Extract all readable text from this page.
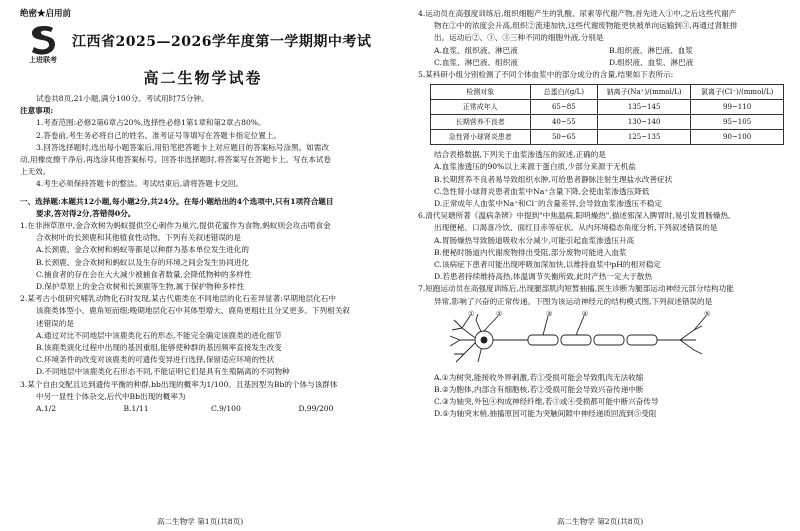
绝密★启用前
上进联考
江西省2025—2026学年度第一学期期中考试
高二生物学试卷
试卷共8页,21小题,满分100分。考试用时75分钟。
注意事项:
1.考查范围:必修2第6章占20%,选择性必修1第1章和第2章占80%。
2.答卷前,考生务必将自己的姓名、准考证号等填写在答题卡指定位置上。
3.回答选择题时,选出每小题答案后,用铅笔把答题卡上对应题目的答案标号涂黑。如需改
动,用橡皮擦干净后,再选涂其他答案标号。回答非选择题时,将答案写在答题卡上。写在本试卷
上无效。
4.考生必须保持答题卡的整洁。考试结束后,请将答题卡交回。
一、选择题:本题共12小题,每小题2分,共24分。在每小题给出的4个选项中,只有1项符合题目
要求,答对得2分,答错得0分。
1.在非洲草原中,金合欢树为蚂蚁提供空心刺作为巢穴,提供花蜜作为食物,蚂蚁则会攻击啃食金
合欢树叶的长颈鹿和其他植食性动物。下列有关叙述错误的是
A.长颈鹿、金合欢树和蚂蚁等都是以种群为基本单位发生进化的
B.长颈鹿、金合欢树和蚂蚁以及生存的环境之间会发生协同进化
C.捕食者的存在会在大大减少被捕食者数量,会降低物种的多样性
D.保护草原上的金合欢树和长颈鹿等生物,属于保护物种多样性
2.某考古小组研究哺乳动物化石时发现,某古代鹿类在不同地层的化石差异显著:早期地层化石中
该鹿类体型小、鹿角短而细;晚期地层化石中其体型增大、鹿角更粗壮且分叉更多。下列相关叙
述错误的是
A.通过对比不同地层中该鹿类化石的形态,不能完全确定该鹿类的进化细节
B.该鹿类演化过程中出现的基因重组,能够使种群的基因频率直接发生改变
C.环境条件的改变对该鹿类的可遗传变异进行选择,保留适应环境的性状
D.不同地层中该鹿类化石形态不同,不能证明它们是具有生殖隔离的不同物种
3.某个自由交配且达到遗传平衡的种群,bb出现的概率为1/100。且基因型为Bb的个体与该群体
中另一显性个体杂交,后代中Bb出现的概率为
A.1/2	B.1/11	C.9/100	D.99/200
高二生物学 第1页(共8页)
4.运动员在高强度训练后,组织细胞产生的乳酸、尿素等代谢产物,首先进入①中,之后这些代谢产
物在②中的浓度会升高,组织②流速加快,这些代谢废物能更快被单向运输到③,再通过肾脏排
出。运动后②、③、③三种不同的细胞外液,分别是
A.血浆、组织液、淋巴液	B.组织液、淋巴液、血浆
C.血浆、淋巴液、组织液	D.组织液、血浆、淋巴液
5.某科研小组分别检测了不同个体血浆中的部分成分的含量,结果如下表所示:
检测对象	总蛋白/(g/L)	钠离子(Na⁺)/(mmol/L)	氯离子(Cl⁻)/(mmol/L)
正常成年人	65~85	135~145	99~110
长期营养不良者	40~55	130~140	95~105
急性肾小球肾炎患者	50~65	125~135	90~100
结合表格数据,下列关于血浆渗透压的叙述,正确的是
A.血浆渗透压的90%以上来源于蛋白质,少部分来源于无机盐
B.长期营养不良者易导致组织水肿,可给患者静脉注射生理盐水改善症状
C.急性肾小球肾炎患者血浆中Na⁺含量下降,会使血浆渗透压降低
D.正常成年人血浆中Na⁺和Cl⁻的含量差异,会导致血浆渗透压不稳定
6.清代吴瑭所著《温病条辨》中提到"中焦温病,阳明燥热",描述邪深入脾胃时,易引发胃肠燥热,
出现便秘、口渴喜冷饮、面红目赤等症状。从内环境稳态角度分析,下列叙述错误的是
A.胃肠燥热导致肠道吸收水分减少,可能引起血浆渗透压升高
B.便秘时肠道内代谢废物排出受阻,部分废物可能进入血浆
C.该病症下患者可能出现呼吸加深加快,以维持血浆中pH的相对稳定
D.若患者持续维持高热,体温调节失衡所致,此时产热一定大于散热
7.短跑运动员在高强度训练后,出现腿部肌肉短暂抽搐,医生诊断为腿部运动神经元部分结构功能
异常,影响了兴奋的正常传递。下图为该运动神经元的结构模式图,下列叙述错误的是
①	②	③	④	⑤
A.①为树突,能接收外界刺激,若①受损可能会导致肌肉无法收缩
B.②为胞体,内部含有细胞核,若②受损可能会导致兴奋传递中断
C.③为轴突,外包④构成神经纤维,若③或④受损都可能中断兴奋传导
D.⑤为轴突末梢,抽搐原因可能为突触间隙中神经递质回流到⑤受阻
高二生物学 第2页(共8页)
